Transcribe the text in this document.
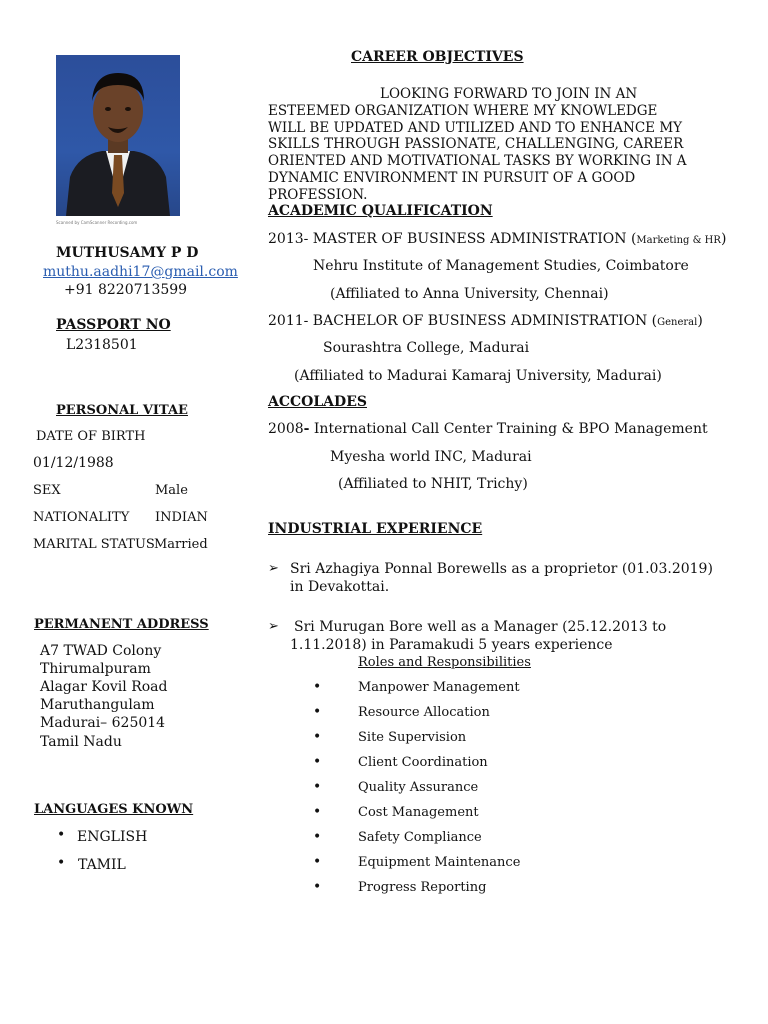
Scanned by CamScanner Recording.com
MUTHUSAMY P D
muthu.aadhi17@gmail.com
+91 8220713599
PASSPORT NO
L2318501
PERSONAL VITAE
DATE OF BIRTH
01/12/1988
SEX	Male
NATIONALITY INDIAN
MARITAL STATUS Married
PERMANENT ADDRESS
A7 TWAD Colony
Thirumalpuram
Alagar Kovil Road
Maruthangulam
Madurai– 625014
Tamil Nadu
LANGUAGES KNOWN
• ENGLISH
• TAMIL
CAREER OBJECTIVES
LOOKING FORWARD TO JOIN IN AN ESTEEMED ORGANIZATION WHERE MY KNOWLEDGE WILL BE UPDATED AND UTILIZED AND TO ENHANCE MY SKILLS THROUGH PASSIONATE, CHALLENGING, CAREER ORIENTED AND MOTIVATIONAL TASKS BY WORKING IN A DYNAMIC ENVIRONMENT IN PURSUIT OF A GOOD PROFESSION.
ACADEMIC QUALIFICATION
2013- MASTER OF BUSINESS ADMINISTRATION (Marketing & HR)
Nehru Institute of Management Studies, Coimbatore
(Affiliated to Anna University, Chennai)
2011- BACHELOR OF BUSINESS ADMINISTRATION (General)
Sourashtra College, Madurai
(Affiliated to Madurai Kamaraj University, Madurai)
ACCOLADES
2008- International Call Center Training & BPO Management
Myesha world INC, Madurai
(Affiliated to NHIT, Trichy)
INDUSTRIAL EXPERIENCE
➢ Sri Azhagiya Ponnal Borewells as a proprietor (01.03.2019)
in Devakottai.
➢ Sri Murugan Bore well as a Manager (25.12.2013 to
1.11.2018) in Paramakudi 5 years experience
Roles and Responsibilities
•	Manpower Management
•	Resource Allocation
•	Site Supervision
•	Client Coordination
•	Quality Assurance
•	Cost Management
•	Safety Compliance
•	Equipment Maintenance
•	Progress Reporting
